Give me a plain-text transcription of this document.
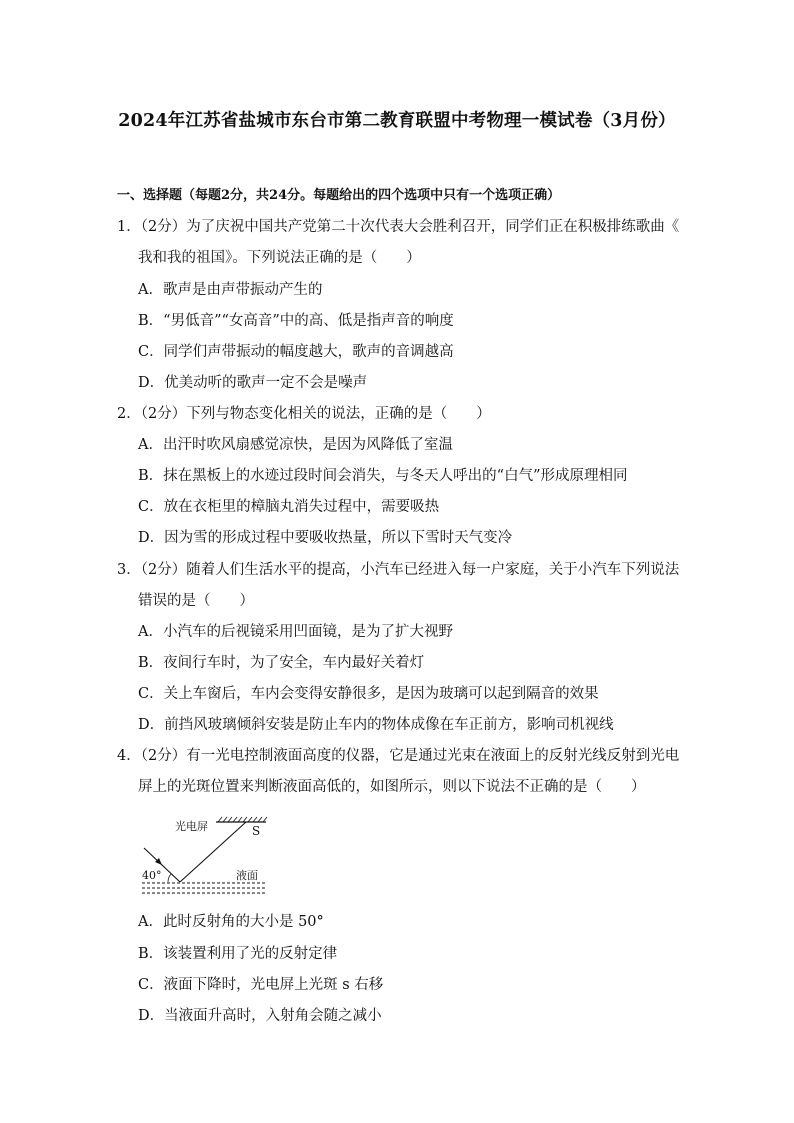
2024年江苏省盐城市东台市第二教育联盟中考物理一模试卷（3月份）
一、选择题（每题2分，共24分。每题给出的四个选项中只有一个选项正确）
1．（2分）为了庆祝中国共产党第二十次代表大会胜利召开，同学们正在积极排练歌曲《
我和我的祖国》。下列说法正确的是（　　）
A．歌声是由声带振动产生的
B．“男低音”“女高音”中的高、低是指声音的响度
C．同学们声带振动的幅度越大，歌声的音调越高
D．优美动听的歌声一定不会是噪声
2．（2分）下列与物态变化相关的说法，正确的是（　　）
A．出汗时吹风扇感觉凉快，是因为风降低了室温
B．抹在黑板上的水迹过段时间会消失，与冬天人呼出的“白气”形成原理相同
C．放在衣柜里的樟脑丸消失过程中，需要吸热
D．因为雪的形成过程中要吸收热量，所以下雪时天气变冷
3．（2分）随着人们生活水平的提高，小汽车已经进入每一户家庭，关于小汽车下列说法
错误的是（　　）
A．小汽车的后视镜采用凹面镜，是为了扩大视野
B．夜间行车时，为了安全，车内最好关着灯
C．关上车窗后，车内会变得安静很多，是因为玻璃可以起到隔音的效果
D．前挡风玻璃倾斜安装是防止车内的物体成像在车正前方，影响司机视线
4．（2分）有一光电控制液面高度的仪器，它是通过光束在液面上的反射光线反射到光电
屏上的光斑位置来判断液面高低的，如图所示，则以下说法不正确的是（　　）
光电屏	S
40°	液面
A．此时反射角的大小是 50°
B．该装置利用了光的反射定律
C．液面下降时，光电屏上光斑 s 右移
D．当液面升高时，入射角会随之减小
